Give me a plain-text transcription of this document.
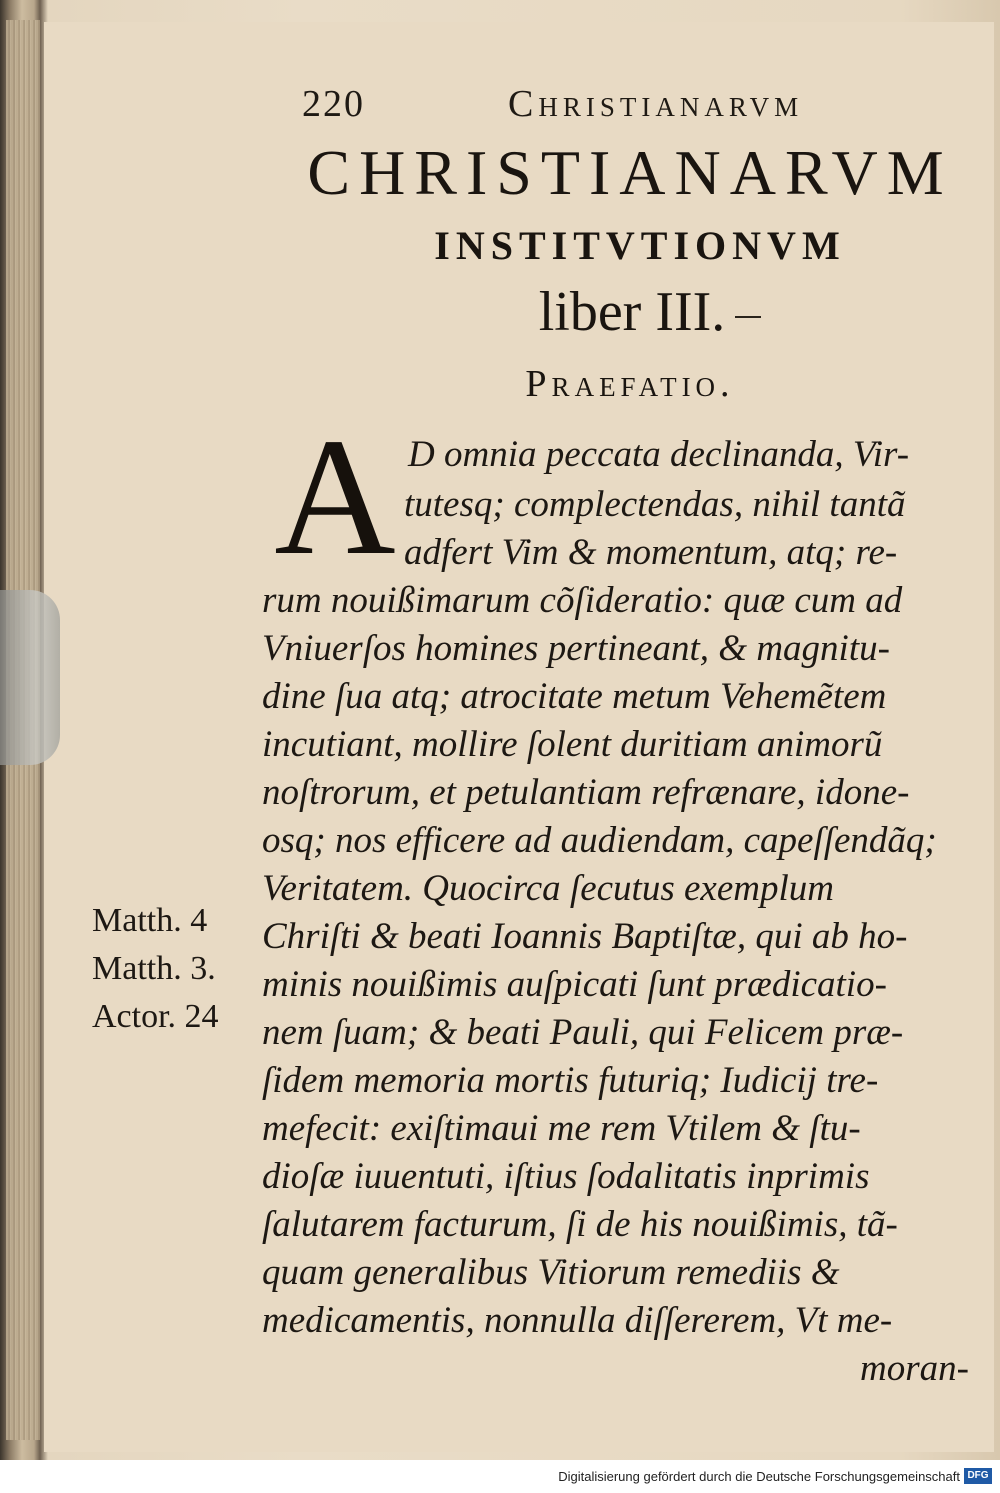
220	Christianarvm
CHRISTIANARVM
INSTITVTIONVM
liber III.
Praefatio.
A D omnia peccata declinanda, Vir-
tutesq; complectendas, nihil tantã
adfert Vim & momentum, atq; re-
rum nouißimarum cõſideratio: quæ cum ad
Vniuerſos homines pertineant, & magnitu-
dine ſua atq; atrocitate metum Vehemẽtem
incutiant, mollire ſolent duritiam animorũ
noſtrorum, et petulantiam refrænare, idone-
osq; nos efficere ad audiendam, capeſſendãq;
Veritatem. Quocirca ſecutus exemplum
Chriſti & beati Ioannis Baptiſtæ, qui ab ho-
minis nouißimis auſpicati ſunt prædicatio-
nem ſuam; & beati Pauli, qui Felicem præ-
ſidem memoria mortis futuriq; Iudicij tre-
mefecit: exiſtimaui me rem Vtilem & ſtu-
dioſæ iuuentuti, iſtius ſodalitatis inprimis
ſalutarem facturum, ſi de his nouißimis, tã-
quam generalibus Vitiorum remediis &
medicamentis, nonnulla diſſererem, Vt me-
moran-
Matth. 4
Matth. 3.
Actor. 24
Digitalisierung gefördert durch die Deutsche Forschungsgemeinschaft DFG
